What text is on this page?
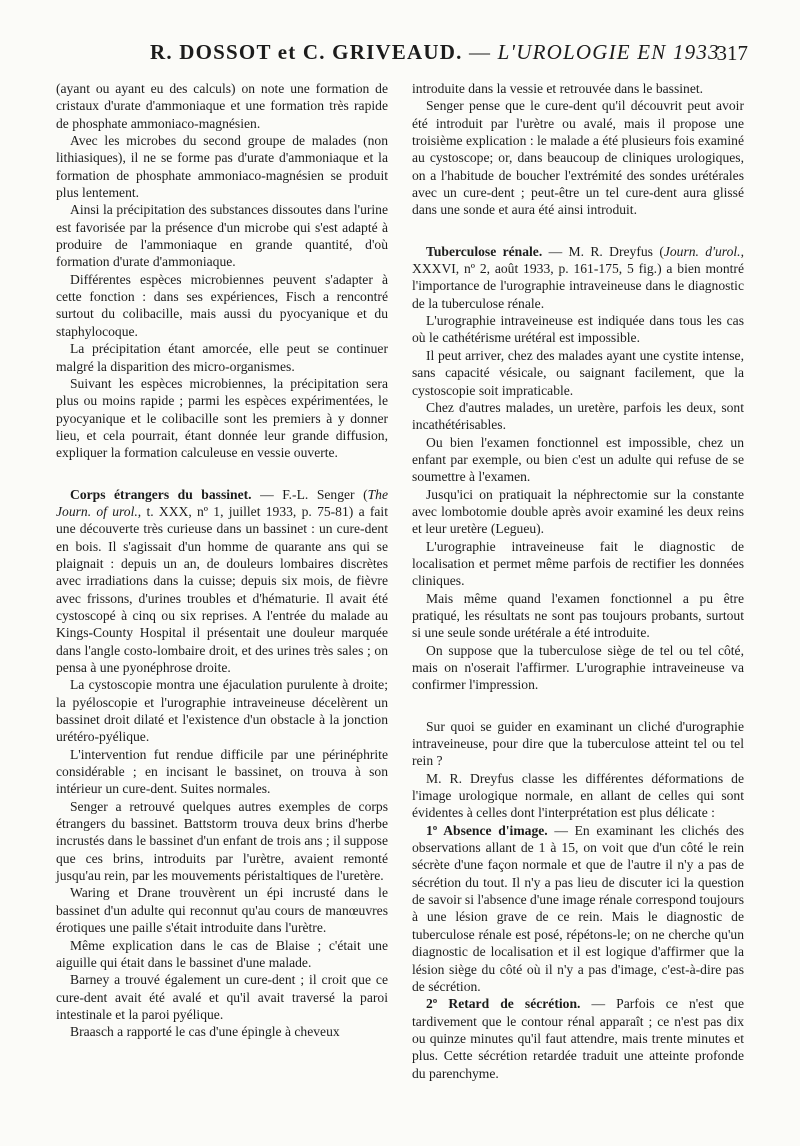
R. DOSSOT et C. GRIVEAUD. — L'UROLOGIE EN 1933
317

(ayant ou ayant eu des calculs) on note une formation de cristaux d'urate d'ammoniaque et une formation très rapide de phosphate ammoniaco-magnésien.

Avec les microbes du second groupe de malades (non lithiasiques), il ne se forme pas d'urate d'ammoniaque et la formation de phosphate ammoniaco-magnésien se produit plus lentement.

Ainsi la précipitation des substances dissoutes dans l'urine est favorisée par la présence d'un microbe qui s'est adapté à produire de l'ammoniaque en grande quantité, d'où formation d'urate d'ammoniaque.

Différentes espèces microbiennes peuvent s'adapter à cette fonction : dans ses expériences, Fisch a rencontré surtout du colibacille, mais aussi du pyocyanique et du staphylocoque.

La précipitation étant amorcée, elle peut se continuer malgré la disparition des micro-organismes.

Suivant les espèces microbiennes, la précipitation sera plus ou moins rapide ; parmi les espèces expérimentées, le pyocyanique et le colibacille sont les premiers à y donner lieu, et cela pourrait, étant donnée leur grande diffusion, expliquer la formation calculeuse en vessie ouverte.

Corps étrangers du bassinet. — F.-L. Senger (The Journ. of urol., t. XXX, nº 1, juillet 1933, p. 75-81) a fait une découverte très curieuse dans un bassinet : un cure-dent en bois. Il s'agissait d'un homme de quarante ans qui se plaignait : depuis un an, de douleurs lombaires discrètes avec irradiations dans la cuisse; depuis six mois, de fièvre avec frissons, d'urines troubles et d'hématurie. Il avait été cystoscopé à cinq ou six reprises. A l'entrée du malade au Kings-County Hospital il présentait une douleur marquée dans l'angle costo-lombaire droit, et des urines très sales ; on pensa à une pyonéphrose droite.

La cystoscopie montra une éjaculation purulente à droite; la pyéloscopie et l'urographie intraveineuse décelèrent un bassinet droit dilaté et l'existence d'un obstacle à la jonction urétéro-pyélique.

L'intervention fut rendue difficile par une périnéphrite considérable ; en incisant le bassinet, on trouva à son intérieur un cure-dent. Suites normales.

Senger a retrouvé quelques autres exemples de corps étrangers du bassinet. Battstorm trouva deux brins d'herbe incrustés dans le bassinet d'un enfant de trois ans ; il suppose que ces brins, introduits par l'urètre, avaient remonté jusqu'au rein, par les mouvements péristaltiques de l'uretère.

Waring et Drane trouvèrent un épi incrusté dans le bassinet d'un adulte qui reconnut qu'au cours de manœuvres érotiques une paille s'était introduite dans l'urètre.

Même explication dans le cas de Blaise ; c'était une aiguille qui était dans le bassinet d'une malade.

Barney a trouvé également un cure-dent ; il croit que ce cure-dent avait été avalé et qu'il avait traversé la paroi intestinale et la paroi pyélique.

Braasch a rapporté le cas d'une épingle à cheveux

introduite dans la vessie et retrouvée dans le bassinet.

Senger pense que le cure-dent qu'il découvrit peut avoir été introduit par l'urètre ou avalé, mais il propose une troisième explication : le malade a été plusieurs fois examiné au cystoscope; or, dans beaucoup de cliniques urologiques, on a l'habitude de boucher l'extrémité des sondes urétérales avec un cure-dent ; peut-être un tel cure-dent aura glissé dans une sonde et aura été ainsi introduit.

Tuberculose rénale. — M. R. Dreyfus (Journ. d'urol., XXXVI, nº 2, août 1933, p. 161-175, 5 fig.) a bien montré l'importance de l'urographie intraveineuse dans le diagnostic de la tuberculose rénale.

L'urographie intraveineuse est indiquée dans tous les cas où le cathétérisme urétéral est impossible.

Il peut arriver, chez des malades ayant une cystite intense, sans capacité vésicale, ou saignant facilement, que la cystoscopie soit impraticable.

Chez d'autres malades, un uretère, parfois les deux, sont incathétérisables.

Ou bien l'examen fonctionnel est impossible, chez un enfant par exemple, ou bien c'est un adulte qui refuse de se soumettre à l'examen.

Jusqu'ici on pratiquait la néphrectomie sur la constante avec lombotomie double après avoir examiné les deux reins et leur uretère (Legueu).

L'urographie intraveineuse fait le diagnostic de localisation et permet même parfois de rectifier les données cliniques.

Mais même quand l'examen fonctionnel a pu être pratiqué, les résultats ne sont pas toujours probants, surtout si une seule sonde urétérale a été introduite.

On suppose que la tuberculose siège de tel ou tel côté, mais on n'oserait l'affirmer. L'urographie intraveineuse va confirmer l'impression.

Sur quoi se guider en examinant un cliché d'urographie intraveineuse, pour dire que la tuberculose atteint tel ou tel rein ?

M. R. Dreyfus classe les différentes déformations de l'image urologique normale, en allant de celles qui sont évidentes à celles dont l'interprétation est plus délicate :

1º Absence d'image. — En examinant les clichés des observations allant de 1 à 15, on voit que d'un côté le rein sécrète d'une façon normale et que de l'autre il n'y a pas de sécrétion du tout. Il n'y a pas lieu de discuter ici la question de savoir si l'absence d'une image rénale correspond toujours à une lésion grave de ce rein. Mais le diagnostic de tuberculose rénale est posé, répétons-le; on ne cherche qu'un diagnostic de localisation et il est logique d'affirmer que la lésion siège du côté où il n'y a pas d'image, c'est-à-dire pas de sécrétion.

2º Retard de sécrétion. — Parfois ce n'est que tardivement que le contour rénal apparaît ; ce n'est pas dix ou quinze minutes qu'il faut attendre, mais trente minutes et plus. Cette sécrétion retardée traduit une atteinte profonde du parenchyme.
